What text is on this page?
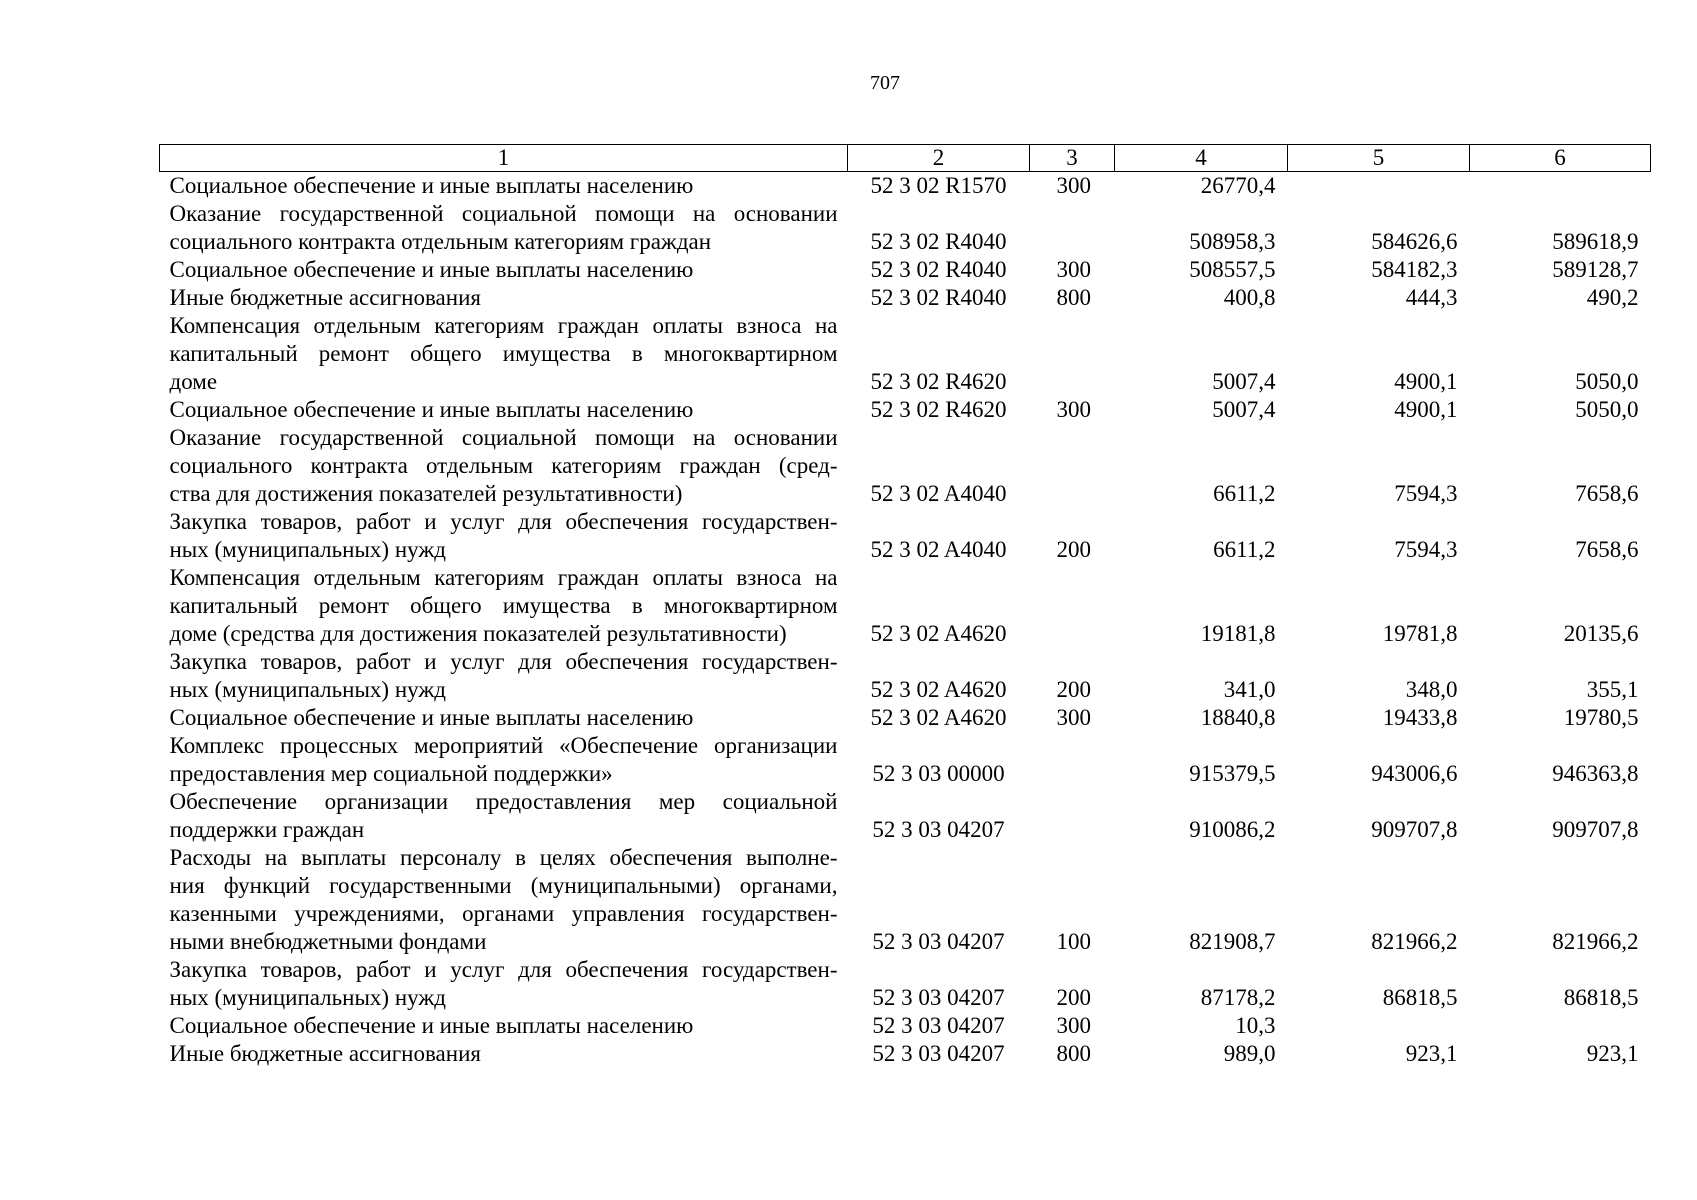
707
1	2	3	4	5	6

Социальное обеспечение и иные выплаты населению	52 3 02 R1570	300	26770,4		

Оказание государственной социальной помощи на основании
социального контракта отдельным категориям граждан	52 3 02 R4040		508958,3	584626,6	589618,9

Социальное обеспечение и иные выплаты населению	52 3 02 R4040	300	508557,5	584182,3	589128,7

Иные бюджетные ассигнования	52 3 02 R4040	800	400,8	444,3	490,2

Компенсация отдельным категориям граждан оплаты взноса на
капитальный ремонт общего имущества в многоквартирном
доме	52 3 02 R4620		5007,4	4900,1	5050,0

Социальное обеспечение и иные выплаты населению	52 3 02 R4620	300	5007,4	4900,1	5050,0

Оказание государственной социальной помощи на основании
социального контракта отдельным категориям граждан (сред-
ства для достижения показателей результативности)	52 3 02 A4040		6611,2	7594,3	7658,6

Закупка товаров, работ и услуг для обеспечения государствен-
ных (муниципальных) нужд	52 3 02 A4040	200	6611,2	7594,3	7658,6

Компенсация отдельным категориям граждан оплаты взноса на
капитальный ремонт общего имущества в многоквартирном
доме (средства для достижения показателей результативности)	52 3 02 A4620		19181,8	19781,8	20135,6

Закупка товаров, работ и услуг для обеспечения государствен-
ных (муниципальных) нужд	52 3 02 A4620	200	341,0	348,0	355,1

Социальное обеспечение и иные выплаты населению	52 3 02 A4620	300	18840,8	19433,8	19780,5

Комплекс процессных мероприятий «Обеспечение организации
предоставления мер социальной поддержки»	52 3 03 00000		915379,5	943006,6	946363,8

Обеспечение организации предоставления мер социальной
поддержки граждан	52 3 03 04207		910086,2	909707,8	909707,8

Расходы на выплаты персоналу в целях обеспечения выполне-
ния функций государственными (муниципальными) органами,
казенными учреждениями, органами управления государствен-
ными внебюджетными фондами	52 3 03 04207	100	821908,7	821966,2	821966,2

Закупка товаров, работ и услуг для обеспечения государствен-
ных (муниципальных) нужд	52 3 03 04207	200	87178,2	86818,5	86818,5

Социальное обеспечение и иные выплаты населению	52 3 03 04207	300	10,3		

Иные бюджетные ассигнования	52 3 03 04207	800	989,0	923,1	923,1
